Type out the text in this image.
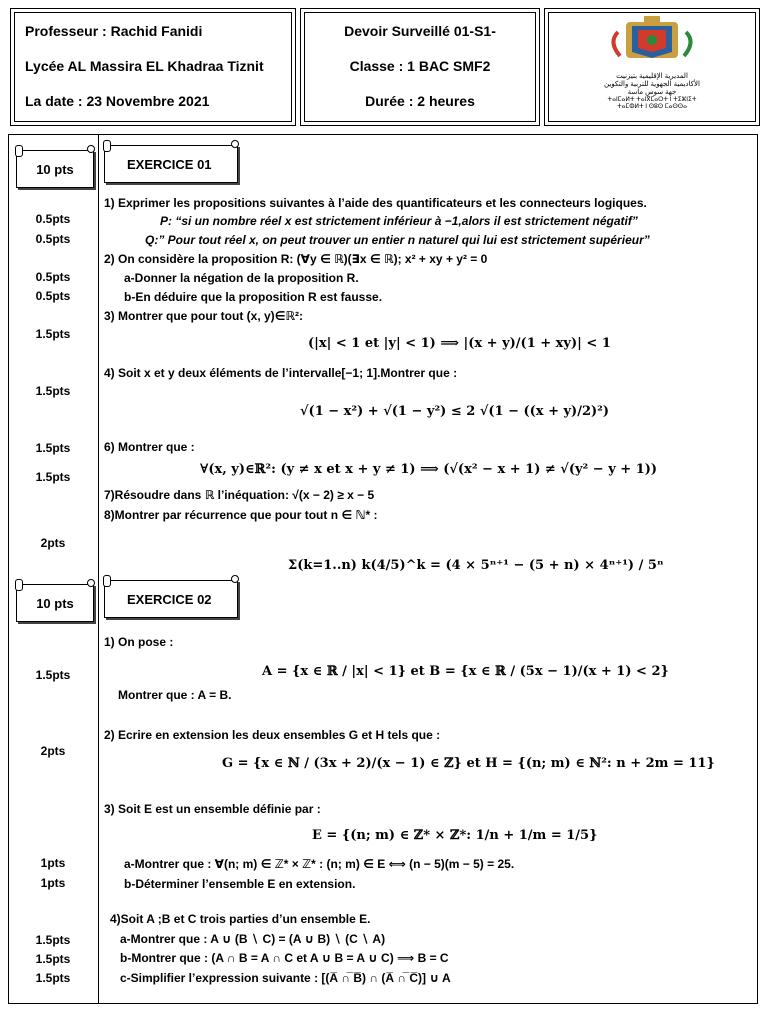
Professeur : Rachid Fanidi
Lycée AL Massira EL Khadraa Tiznit
La date : 23 Novembre 2021
Devoir Surveillé 01-S1-
Classe : 1 BAC SMF2
Durée : 2 heures
المديرية الإقليمية بتيزنيت
الأكاديمية الجهوية للتربية والتكوين
جهة سوس ماسة
ⵜⴰⵏⵎⴰⵍⵜ ⵜⴰⵏⴳⵎⴰⵔⵜ ⵏ ⵜⵉⵣⵏⵉⵜ
ⵜⴰⵎⵀⵍⵜ ⵏ ⵙⵓⵙ ⵎⴰⵙⵙⴰ
10 pts	EXERCICE 01
0.5pts
0.5pts
0.5pts
0.5pts
1.5pts
1.5pts
1.5pts
1.5pts
2pts
1) Exprimer les propositions suivantes à l’aide des quantificateurs et les connecteurs logiques.
P: “si un nombre réel x est strictement inférieur à −1,alors il est strictement négatif”
Q:” Pour tout réel x, on peut trouver un entier n naturel qui lui est strictement supérieur”
2) On considère la proposition R: (∀y ∈ ℝ)(∃x ∈ ℝ); x² + xy + y² = 0
a-Donner la négation de la proposition R.
b-En déduire que la proposition R est fausse.
3) Montrer que pour tout (x, y)∈ℝ²:
(|x| < 1 et |y| < 1) ⟹ |(x + y)/(1 + xy)| < 1
4) Soit x et y deux éléments de l’intervalle[−1; 1].Montrer que :
√(1 − x²) + √(1 − y²) ≤ 2 √(1 − ((x + y)/2)²)
6) Montrer que :
∀(x, y)∈ℝ²: (y ≠ x et x + y ≠ 1) ⟹ (√(x² − x + 1) ≠ √(y² − y + 1))
7)Résoudre dans ℝ l’inéquation: √(x − 2) ≥ x − 5
8)Montrer par récurrence que pour tout n ∈ ℕ* :
Σ(k=1..n) k(4/5)^k = (4 × 5ⁿ⁺¹ − (5 + n) × 4ⁿ⁺¹) / 5ⁿ
10 pts	EXERCICE 02
1.5pts
2pts
1pts
1pts
1.5pts
1.5pts
1.5pts
1) On pose :
A = {x ∈ ℝ / |x| < 1} et B = {x ∈ ℝ / (5x − 1)/(x + 1) < 2}
Montrer que : A = B.
2) Ecrire en extension les deux ensembles G et H tels que :
G = {x ∈ ℕ / (3x + 2)/(x − 1) ∈ ℤ} et H = {(n; m) ∈ ℕ²: n + 2m = 11}
3) Soit E est un ensemble définie par :
E = {(n; m) ∈ ℤ* × ℤ*: 1/n + 1/m = 1/5}
a-Montrer que : ∀(n; m) ∈ ℤ* × ℤ* : (n; m) ∈ E ⟺ (n − 5)(m − 5) = 25.
b-Déterminer l’ensemble E en extension.
4)Soit A ;B et C trois parties d’un ensemble E.
a-Montrer que : A ∪ (B ∖ C) = (A ∪ B) ∖ (C ∖ A)
b-Montrer que : (A ∩ B = A ∩ C et A ∪ B = A ∪ C) ⟹ B = C
c-Simplifier l’expression suivante : [(A̅ ∩̅ B̅) ∩ (A̅ ∩̅ C̅)] ∪ A
